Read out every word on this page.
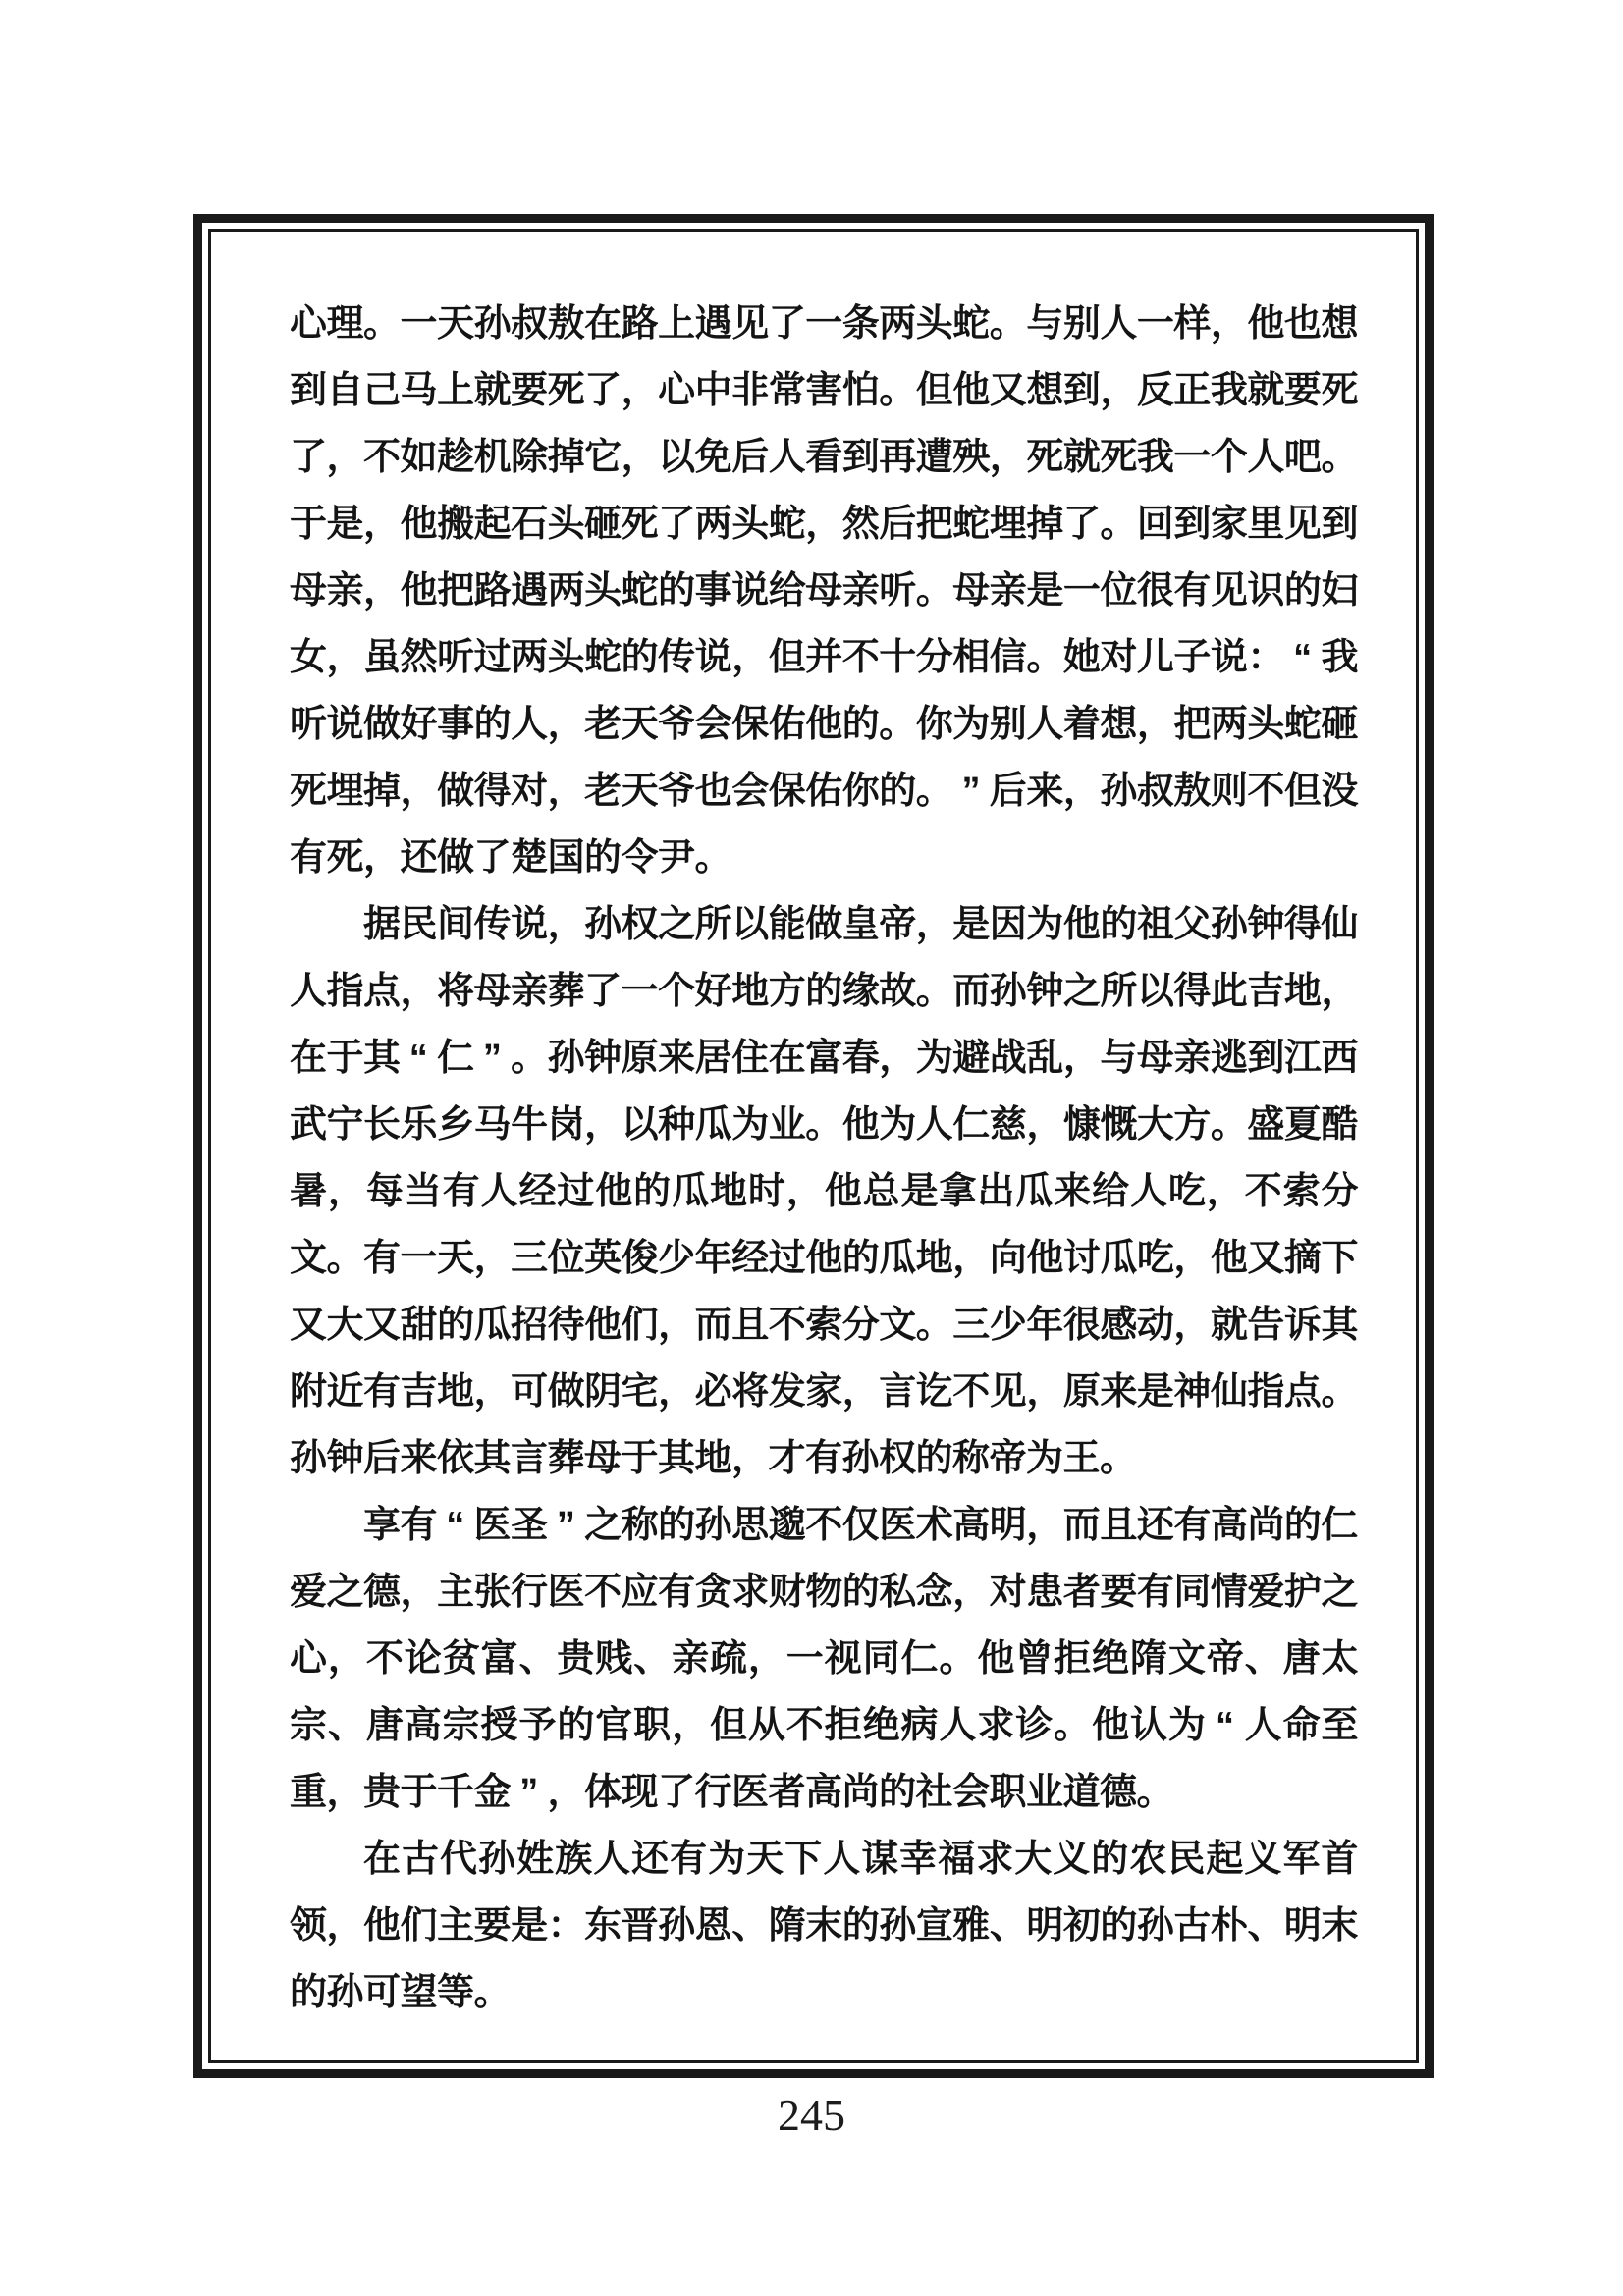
心 理 。 一 天 孙 叔 敖 在 路 上 遇 见 了 一 条 两 头 蛇 。 与 别 人 一 样 ， 他 也 想
到 自 己 马 上 就 要 死 了 ， 心 中 非 常 害 怕 。 但 他 又 想 到 ， 反 正 我 就 要 死
了 ， 不 如 趁 机 除 掉 它 ， 以 免 后 人 看 到 再 遭 殃 ， 死 就 死 我 一 个 人 吧 。
于 是 ， 他 搬 起 石 头 砸 死 了 两 头 蛇 ， 然 后 把 蛇 埋 掉 了 。 回 到 家 里 见 到
母 亲 ， 他 把 路 遇 两 头 蛇 的 事 说 给 母 亲 听 。 母 亲 是 一 位 很 有 见 识 的 妇
女 ， 虽 然 听 过 两 头 蛇 的 传 说 ， 但 并 不 十 分 相 信 。 她 对 儿 子 说 ： “ 我
听 说 做 好 事 的 人 ， 老 天 爷 会 保 佑 他 的 。 你 为 别 人 着 想 ， 把 两 头 蛇 砸
死 埋 掉 ， 做 得 对 ， 老 天 爷 也 会 保 佑 你 的 。 ” 后 来 ， 孙 叔 敖 则 不 但 没
有 死 ， 还 做 了 楚 国 的 令 尹 。
据 民 间 传 说 ， 孙 权 之 所 以 能 做 皇 帝 ， 是 因 为 他 的 祖 父 孙 钟 得 仙
人 指 点 ， 将 母 亲 葬 了 一 个 好 地 方 的 缘 故 。 而 孙 钟 之 所 以 得 此 吉 地 ，
在 于 其 “ 仁 ” 。 孙 钟 原 来 居 住 在 富 春 ， 为 避 战 乱 ， 与 母 亲 逃 到 江 西
武 宁 长 乐 乡 马 牛 岗 ， 以 种 瓜 为 业 。 他 为 人 仁 慈 ， 慷 慨 大 方 。 盛 夏 酷
暑 ， 每 当 有 人 经 过 他 的 瓜 地 时 ， 他 总 是 拿 出 瓜 来 给 人 吃 ， 不 索 分
文 。 有 一 天 ， 三 位 英 俊 少 年 经 过 他 的 瓜 地 ， 向 他 讨 瓜 吃 ， 他 又 摘 下
又 大 又 甜 的 瓜 招 待 他 们 ， 而 且 不 索 分 文 。 三 少 年 很 感 动 ， 就 告 诉 其
附 近 有 吉 地 ， 可 做 阴 宅 ， 必 将 发 家 ， 言 讫 不 见 ， 原 来 是 神 仙 指 点 。
孙 钟 后 来 依 其 言 葬 母 于 其 地 ， 才 有 孙 权 的 称 帝 为 王 。
享 有 “ 医 圣 ” 之 称 的 孙 思 邈 不 仅 医 术 高 明 ， 而 且 还 有 高 尚 的 仁
爱 之 德 ， 主 张 行 医 不 应 有 贪 求 财 物 的 私 念 ， 对 患 者 要 有 同 情 爱 护 之
心 ， 不 论 贫 富 、 贵 贱 、 亲 疏 ， 一 视 同 仁 。 他 曾 拒 绝 隋 文 帝 、 唐 太
宗 、 唐 高 宗 授 予 的 官 职 ， 但 从 不 拒 绝 病 人 求 诊 。 他 认 为 “ 人 命 至
重 ， 贵 于 千 金 ” ， 体 现 了 行 医 者 高 尚 的 社 会 职 业 道 德 。
在 古 代 孙 姓 族 人 还 有 为 天 下 人 谋 幸 福 求 大 义 的 农 民 起 义 军 首
领 ， 他 们 主 要 是 ： 东 晋 孙 恩 、 隋 末 的 孙 宣 雅 、 明 初 的 孙 古 朴 、 明 末
的 孙 可 望 等 。
245
